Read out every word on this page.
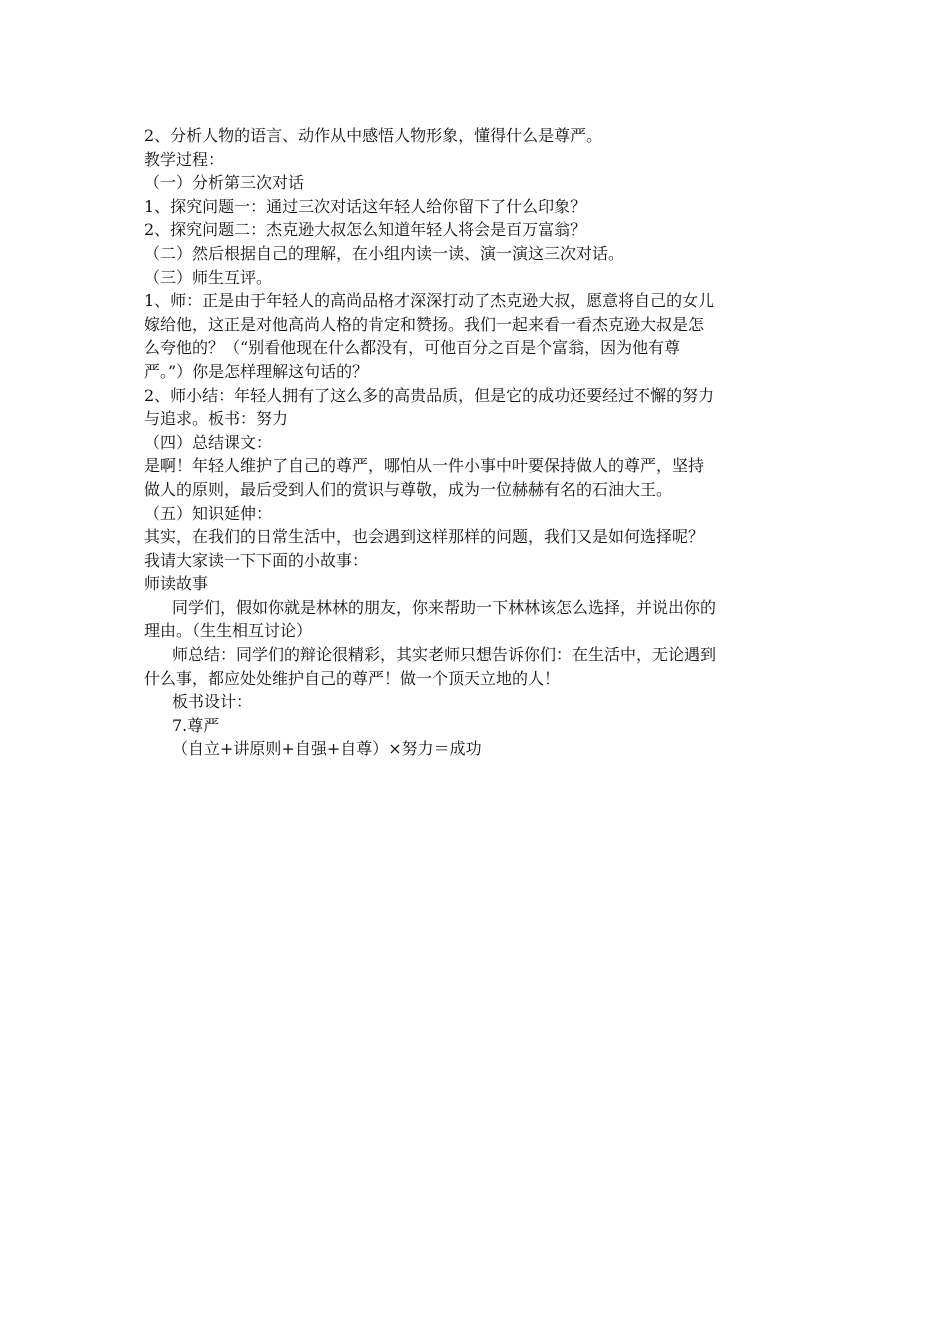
2、分析人物的语言、动作从中感悟人物形象，懂得什么是尊严。
教学过程：
（一）分析第三次对话
1、探究问题一：通过三次对话这年轻人给你留下了什么印象？
2、探究问题二：杰克逊大叔怎么知道年轻人将会是百万富翁？
（二）然后根据自己的理解，在小组内读一读、演一演这三次对话。
（三）师生互评。
1、师：正是由于年轻人的高尚品格才深深打动了杰克逊大叔，愿意将自己的女儿
嫁给他，这正是对他高尚人格的肯定和赞扬。我们一起来看一看杰克逊大叔是怎
么夸他的？（“别看他现在什么都没有，可他百分之百是个富翁，因为他有尊
严。”）你是怎样理解这句话的？
2、师小结：年轻人拥有了这么多的高贵品质，但是它的成功还要经过不懈的努力
与追求。板书：努力
（四）总结课文：
是啊！年轻人维护了自己的尊严，哪怕从一件小事中叶要保持做人的尊严，坚持
做人的原则，最后受到人们的赏识与尊敬，成为一位赫赫有名的石油大王。
（五）知识延伸：
其实，在我们的日常生活中，也会遇到这样那样的问题，我们又是如何选择呢？
我请大家读一下下面的小故事：
师读故事
同学们，假如你就是林林的朋友，你来帮助一下林林该怎么选择，并说出你的
理由。（生生相互讨论）
师总结：同学们的辩论很精彩，其实老师只想告诉你们：在生活中，无论遇到
什么事，都应处处维护自己的尊严！做一个顶天立地的人！
板书设计：
7.尊严
（自立+讲原则+自强+自尊）×努力＝成功
